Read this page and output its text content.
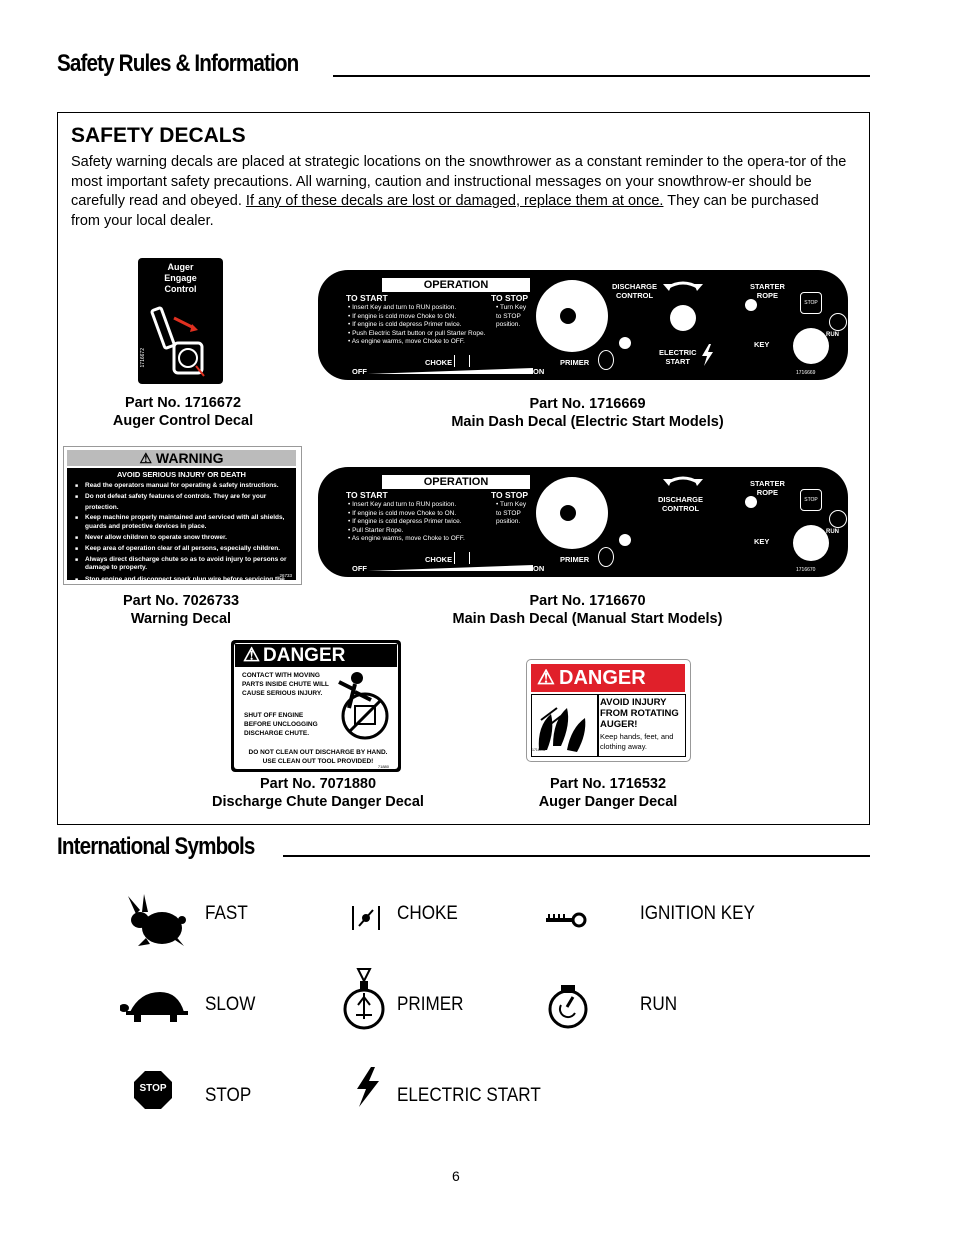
Safety Rules & Information
SAFETY DECALS
Safety warning decals are placed at strategic locations on the snowthrower as a constant reminder to the opera-tor of the most important safety precautions. All warning, caution and instructional messages on your snowthrow-er should be carefully read and obeyed. If any of these decals are lost or damaged, replace them at once. They can be purchased from your local dealer.
Auger
Engage
Control
1716672
Part No. 1716672
Auger Control Decal
OPERATION
TO START	TO STOP
• Insert Key and turn to RUN position.
• If engine is cold move Choke to ON.
• If engine is cold depress Primer twice.
• Push Electric Start button or pull Starter Rope.
• As engine warms, move Choke to OFF.
• Turn Key
to STOP
position.
CHOKE
OFF	ON
PRIMER
DISCHARGE
CONTROL
ELECTRIC
START
STARTER
ROPE
STOP
RUN
KEY
1716669
Part No. 1716669
Main Dash Decal (Electric Start Models)
⚠ WARNING
AVOID SERIOUS INJURY OR DEATH
■ Read the operators manual for operating & safety instructions.
■ Do not defeat safety features of controls. They are for your protection.
■ Keep machine properly maintained and serviced with all shields, guards and protective devices in place.
■ Never allow children to operate snow thrower.
■ Keep area of operation clear of all persons, especially children.
■ Always direct discharge chute so as to avoid injury to persons or damage to property.
■ Stop engine and disconnect spark plug wire before servicing the unit.
26733
Part No. 7026733
Warning Decal
OPERATION
TO START	TO STOP
• Insert Key and turn to RUN position.
• If engine is cold move Choke to ON.
• If engine is cold depress Primer twice.
• Pull Starter Rope.
• As engine warms, move Choke to OFF.
• Turn Key
to STOP
position.
CHOKE
OFF	ON
PRIMER
DISCHARGE
CONTROL
STARTER
ROPE
STOP
RUN
KEY
1716670
Part No. 1716670
Main Dash Decal (Manual Start Models)
⚠ DANGER
CONTACT WITH MOVING PARTS INSIDE CHUTE WILL CAUSE SERIOUS INJURY.
SHUT OFF ENGINE BEFORE UNCLOGGING DISCHARGE CHUTE.
DO NOT CLEAN OUT DISCHARGE BY HAND. USE CLEAN OUT TOOL PROVIDED!
71880
Part No. 7071880
Discharge Chute Danger Decal
⚠ DANGER
AVOID INJURY FROM ROTATING AUGER!
Keep hands, feet, and clothing away.
1716532
Part No. 1716532
Auger Danger Decal
International Symbols
FAST	CHOKE	IGNITION KEY
SLOW	PRIMER	RUN
STOP STOP	ELECTRIC START
6
